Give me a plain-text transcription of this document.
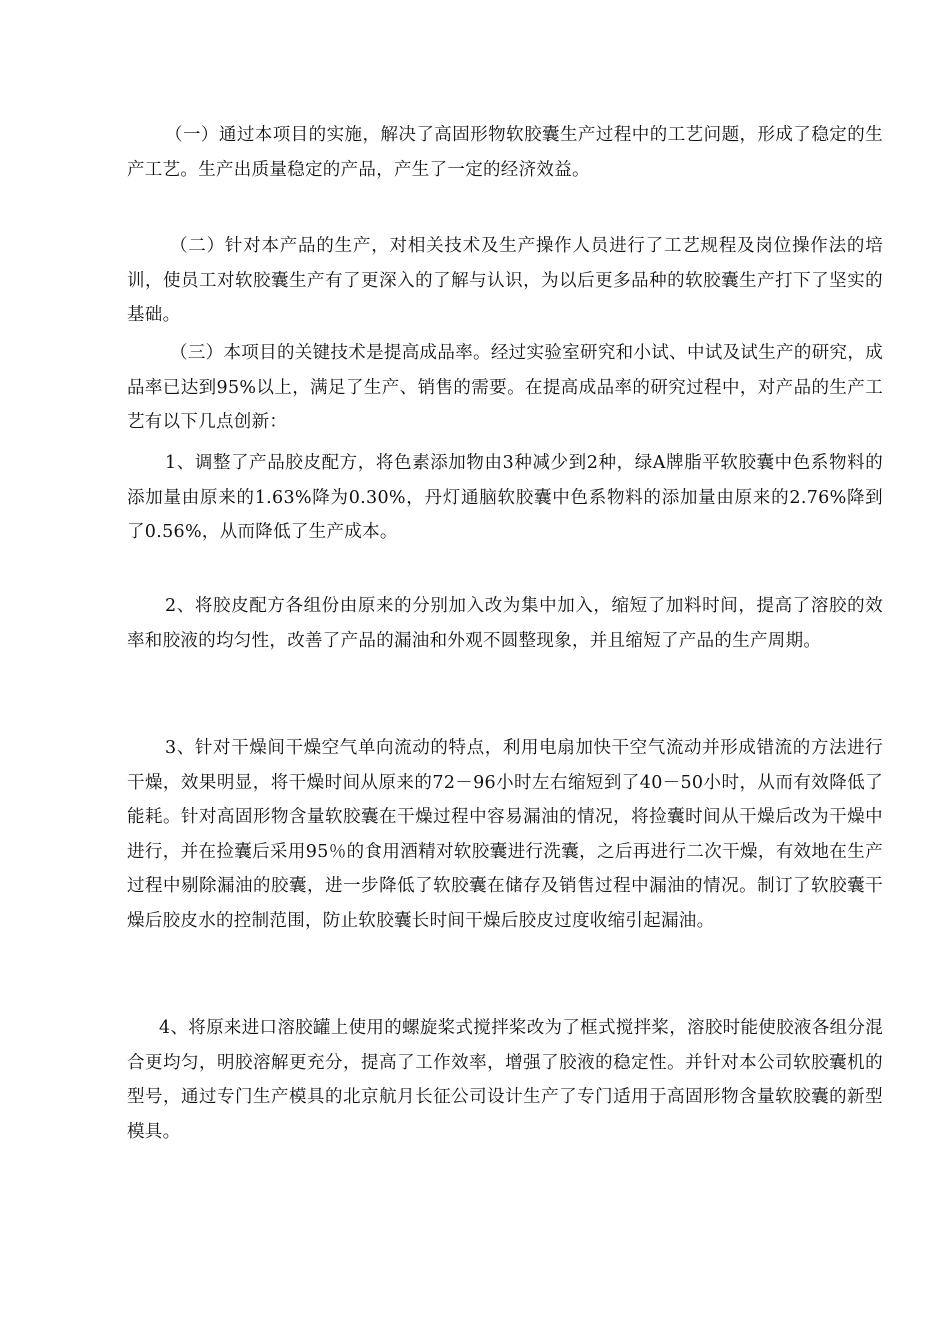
（一）通过本项目的实施，解决了高固形物软胶囊生产过程中的工艺问题，形成了稳定的生产工艺。生产出质量稳定的产品，产生了一定的经济效益。

（二）针对本产品的生产，对相关技术及生产操作人员进行了工艺规程及岗位操作法的培训，使员工对软胶囊生产有了更深入的了解与认识，为以后更多品种的软胶囊生产打下了坚实的基础。

（三）本项目的关键技术是提高成品率。经过实验室研究和小试、中试及试生产的研究，成品率已达到95%以上，满足了生产、销售的需要。在提高成品率的研究过程中，对产品的生产工艺有以下几点创新：

1、调整了产品胶皮配方，将色素添加物由3种减少到2种，绿A牌脂平软胶囊中色系物料的添加量由原来的1.63%降为0.30%，丹灯通脑软胶囊中色系物料的添加量由原来的2.76%降到了0.56%，从而降低了生产成本。

2、将胶皮配方各组份由原来的分别加入改为集中加入，缩短了加料时间，提高了溶胶的效率和胶液的均匀性，改善了产品的漏油和外观不圆整现象，并且缩短了产品的生产周期。

3、针对干燥间干燥空气单向流动的特点，利用电扇加快干空气流动并形成错流的方法进行干燥，效果明显，将干燥时间从原来的72－96小时左右缩短到了40－50小时，从而有效降低了能耗。针对高固形物含量软胶囊在干燥过程中容易漏油的情况，将捡囊时间从干燥后改为干燥中进行，并在捡囊后采用95％的食用酒精对软胶囊进行洗囊，之后再进行二次干燥，有效地在生产过程中剔除漏油的胶囊，进一步降低了软胶囊在储存及销售过程中漏油的情况。制订了软胶囊干燥后胶皮水的控制范围，防止软胶囊长时间干燥后胶皮过度收缩引起漏油。

4、将原来进口溶胶罐上使用的螺旋桨式搅拌桨改为了框式搅拌桨，溶胶时能使胶液各组分混合更均匀，明胶溶解更充分，提高了工作效率，增强了胶液的稳定性。并针对本公司软胶囊机的型号，通过专门生产模具的北京航月长征公司设计生产了专门适用于高固形物含量软胶囊的新型模具。
